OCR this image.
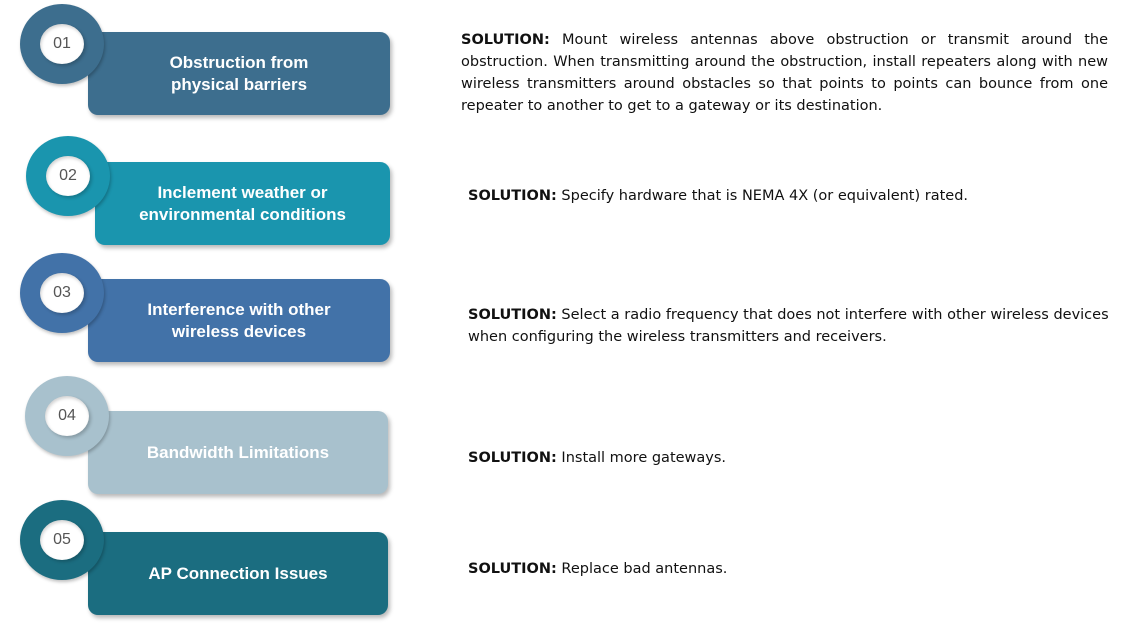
Obstruction from
physical barriers
01	SOLUTION: Mount wireless antennas above obstruction or transmit around the obstruction. When transmitting around the obstruction, install repeaters along with new wireless transmitters around obstacles so that points to points can bounce from one repeater to another to get to a gateway or its destination.
Inclement weather or
environmental conditions
02
SOLUTION: Specify hardware that is NEMA 4X (or equivalent) rated.
Interference with other
wireless devices
03
SOLUTION: Select a radio frequency that does not interfere with other wireless devices when configuring the wireless transmitters and receivers.
Bandwidth Limitations
04
SOLUTION: Install more gateways.
AP Connection Issues
05
SOLUTION: Replace bad antennas.
